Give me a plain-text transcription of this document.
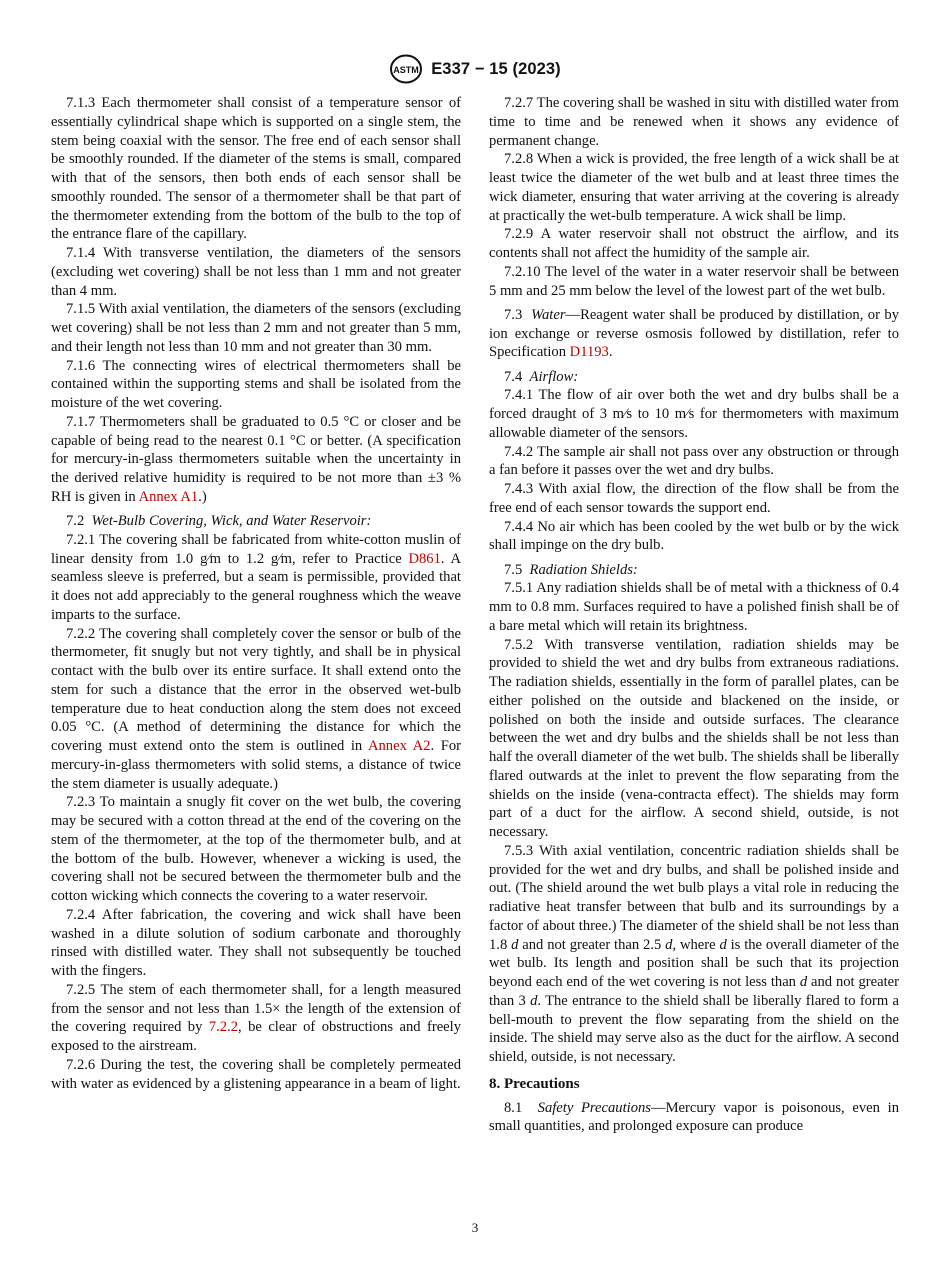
ASTM E337 − 15 (2023)

7.1.3 Each thermometer shall consist of a temperature sensor of essentially cylindrical shape which is supported on a single stem, the stem being coaxial with the sensor. The free end of each sensor shall be smoothly rounded. If the diameter of the stems is small, compared with that of the sensors, then both ends of each sensor shall be smoothly rounded. The sensor of a thermometer shall be that part of the thermometer extending from the bottom of the bulb to the top of the entrance flare of the capillary.

7.1.4 With transverse ventilation, the diameters of the sensors (excluding wet covering) shall be not less than 1 mm and not greater than 4 mm.

7.1.5 With axial ventilation, the diameters of the sensors (excluding wet covering) shall be not less than 2 mm and not greater than 5 mm, and their length not less than 10 mm and not greater than 30 mm.

7.1.6 The connecting wires of electrical thermometers shall be contained within the supporting stems and shall be isolated from the moisture of the wet covering.

7.1.7 Thermometers shall be graduated to 0.5 °C or closer and be capable of being read to the nearest 0.1 °C or better. (A specification for mercury-in-glass thermometers suitable when the uncertainty in the derived relative humidity is required to be not more than ±3 % RH is given in Annex A1.)

7.2 Wet-Bulb Covering, Wick, and Water Reservoir:

7.2.1 The covering shall be fabricated from white-cotton muslin of linear density from 1.0 g⁄m to 1.2 g⁄m, refer to Practice D861. A seamless sleeve is preferred, but a seam is permissible, provided that it does not add appreciably to the general roughness which the weave imparts to the surface.

7.2.2 The covering shall completely cover the sensor or bulb of the thermometer, fit snugly but not very tightly, and shall be in physical contact with the bulb over its entire surface. It shall extend onto the stem for such a distance that the error in the observed wet-bulb temperature due to heat conduction along the stem does not exceed 0.05 °C. (A method of determining the distance for which the covering must extend onto the stem is outlined in Annex A2. For mercury-in-glass thermometers with solid stems, a distance of twice the stem diameter is usually adequate.)

7.2.3 To maintain a snugly fit cover on the wet bulb, the covering may be secured with a cotton thread at the end of the covering on the stem of the thermometer, at the top of the thermometer bulb, and at the bottom of the bulb. However, whenever a wicking is used, the covering shall not be secured between the thermometer bulb and the cotton wicking which connects the covering to a water reservoir.

7.2.4 After fabrication, the covering and wick shall have been washed in a dilute solution of sodium carbonate and thoroughly rinsed with distilled water. They shall not subsequently be touched with the fingers.

7.2.5 The stem of each thermometer shall, for a length measured from the sensor and not less than 1.5× the length of the extension of the covering required by 7.2.2, be clear of obstructions and freely exposed to the airstream.

7.2.6 During the test, the covering shall be completely permeated with water as evidenced by a glistening appearance in a beam of light.

7.2.7 The covering shall be washed in situ with distilled water from time to time and be renewed when it shows any evidence of permanent change.

7.2.8 When a wick is provided, the free length of a wick shall be at least twice the diameter of the wet bulb and at least three times the wick diameter, ensuring that water arriving at the covering is already at practically the wet-bulb temperature. A wick shall be limp.

7.2.9 A water reservoir shall not obstruct the airflow, and its contents shall not affect the humidity of the sample air.

7.2.10 The level of the water in a water reservoir shall be between 5 mm and 25 mm below the level of the lowest part of the wet bulb.

7.3 Water—Reagent water shall be produced by distillation, or by ion exchange or reverse osmosis followed by distillation, refer to Specification D1193.

7.4 Airflow:

7.4.1 The flow of air over both the wet and dry bulbs shall be a forced draught of 3 m⁄s to 10 m⁄s for thermometers with maximum allowable diameter of the sensors.

7.4.2 The sample air shall not pass over any obstruction or through a fan before it passes over the wet and dry bulbs.

7.4.3 With axial flow, the direction of the flow shall be from the free end of each sensor towards the support end.

7.4.4 No air which has been cooled by the wet bulb or by the wick shall impinge on the dry bulb.

7.5 Radiation Shields:

7.5.1 Any radiation shields shall be of metal with a thickness of 0.4 mm to 0.8 mm. Surfaces required to have a polished finish shall be of a bare metal which will retain its brightness.

7.5.2 With transverse ventilation, radiation shields may be provided to shield the wet and dry bulbs from extraneous radiations. The radiation shields, essentially in the form of parallel plates, can be either polished on the outside and blackened on the inside, or polished on both the inside and outside surfaces. The clearance between the wet and dry bulbs and the shields shall be not less than half the overall diameter of the wet bulb. The shields shall be liberally flared outwards at the inlet to prevent the flow separating from the shields on the inside (vena-contracta effect). The shields may form part of a duct for the airflow. A second shield, outside, is not necessary.

7.5.3 With axial ventilation, concentric radiation shields shall be provided for the wet and dry bulbs, and shall be polished inside and out. (The shield around the wet bulb plays a vital role in reducing the radiative heat transfer between that bulb and its surroundings by a factor of about three.) The diameter of the shield shall be not less than 1.8 d and not greater than 2.5 d, where d is the overall diameter of the wet bulb. Its length and position shall be such that its projection beyond each end of the wet covering is not less than d and not greater than 3 d. The entrance to the shield shall be liberally flared to form a bell-mouth to prevent the flow separating from the shield on the inside. The shield may serve also as the duct for the airflow. A second shield, outside, is not necessary.

8. Precautions

8.1 Safety Precautions—Mercury vapor is poisonous, even in small quantities, and prolonged exposure can produce

3
